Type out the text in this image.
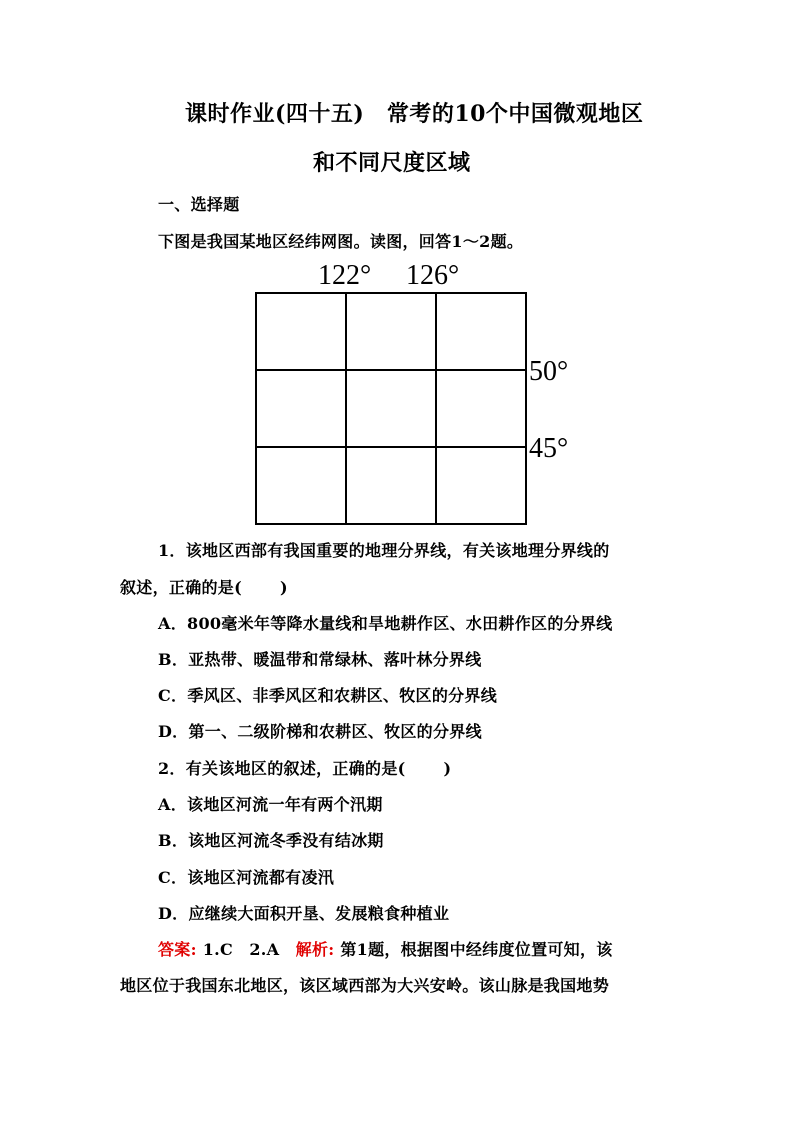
课时作业(四十五)　常考的10个中国微观地区
和不同尺度区域
一、选择题
下图是我国某地区经纬网图。读图，回答1～2题。
122° 126°
50°
45°
1．该地区西部有我国重要的地理分界线，有关该地理分界线的
叙述，正确的是( )
A．800毫米年等降水量线和旱地耕作区、水田耕作区的分界线
B．亚热带、暖温带和常绿林、落叶林分界线
C．季风区、非季风区和农耕区、牧区的分界线
D．第一、二级阶梯和农耕区、牧区的分界线
2．有关该地区的叙述，正确的是( )
A．该地区河流一年有两个汛期
B．该地区河流冬季没有结冰期
C．该地区河流都有凌汛
D．应继续大面积开垦、发展粮食种植业
答案: 1.C　2.A　 解析: 第1题，根据图中经纬度位置可知，该
地区位于我国东北地区，该区域西部为大兴安岭。该山脉是我国地势
